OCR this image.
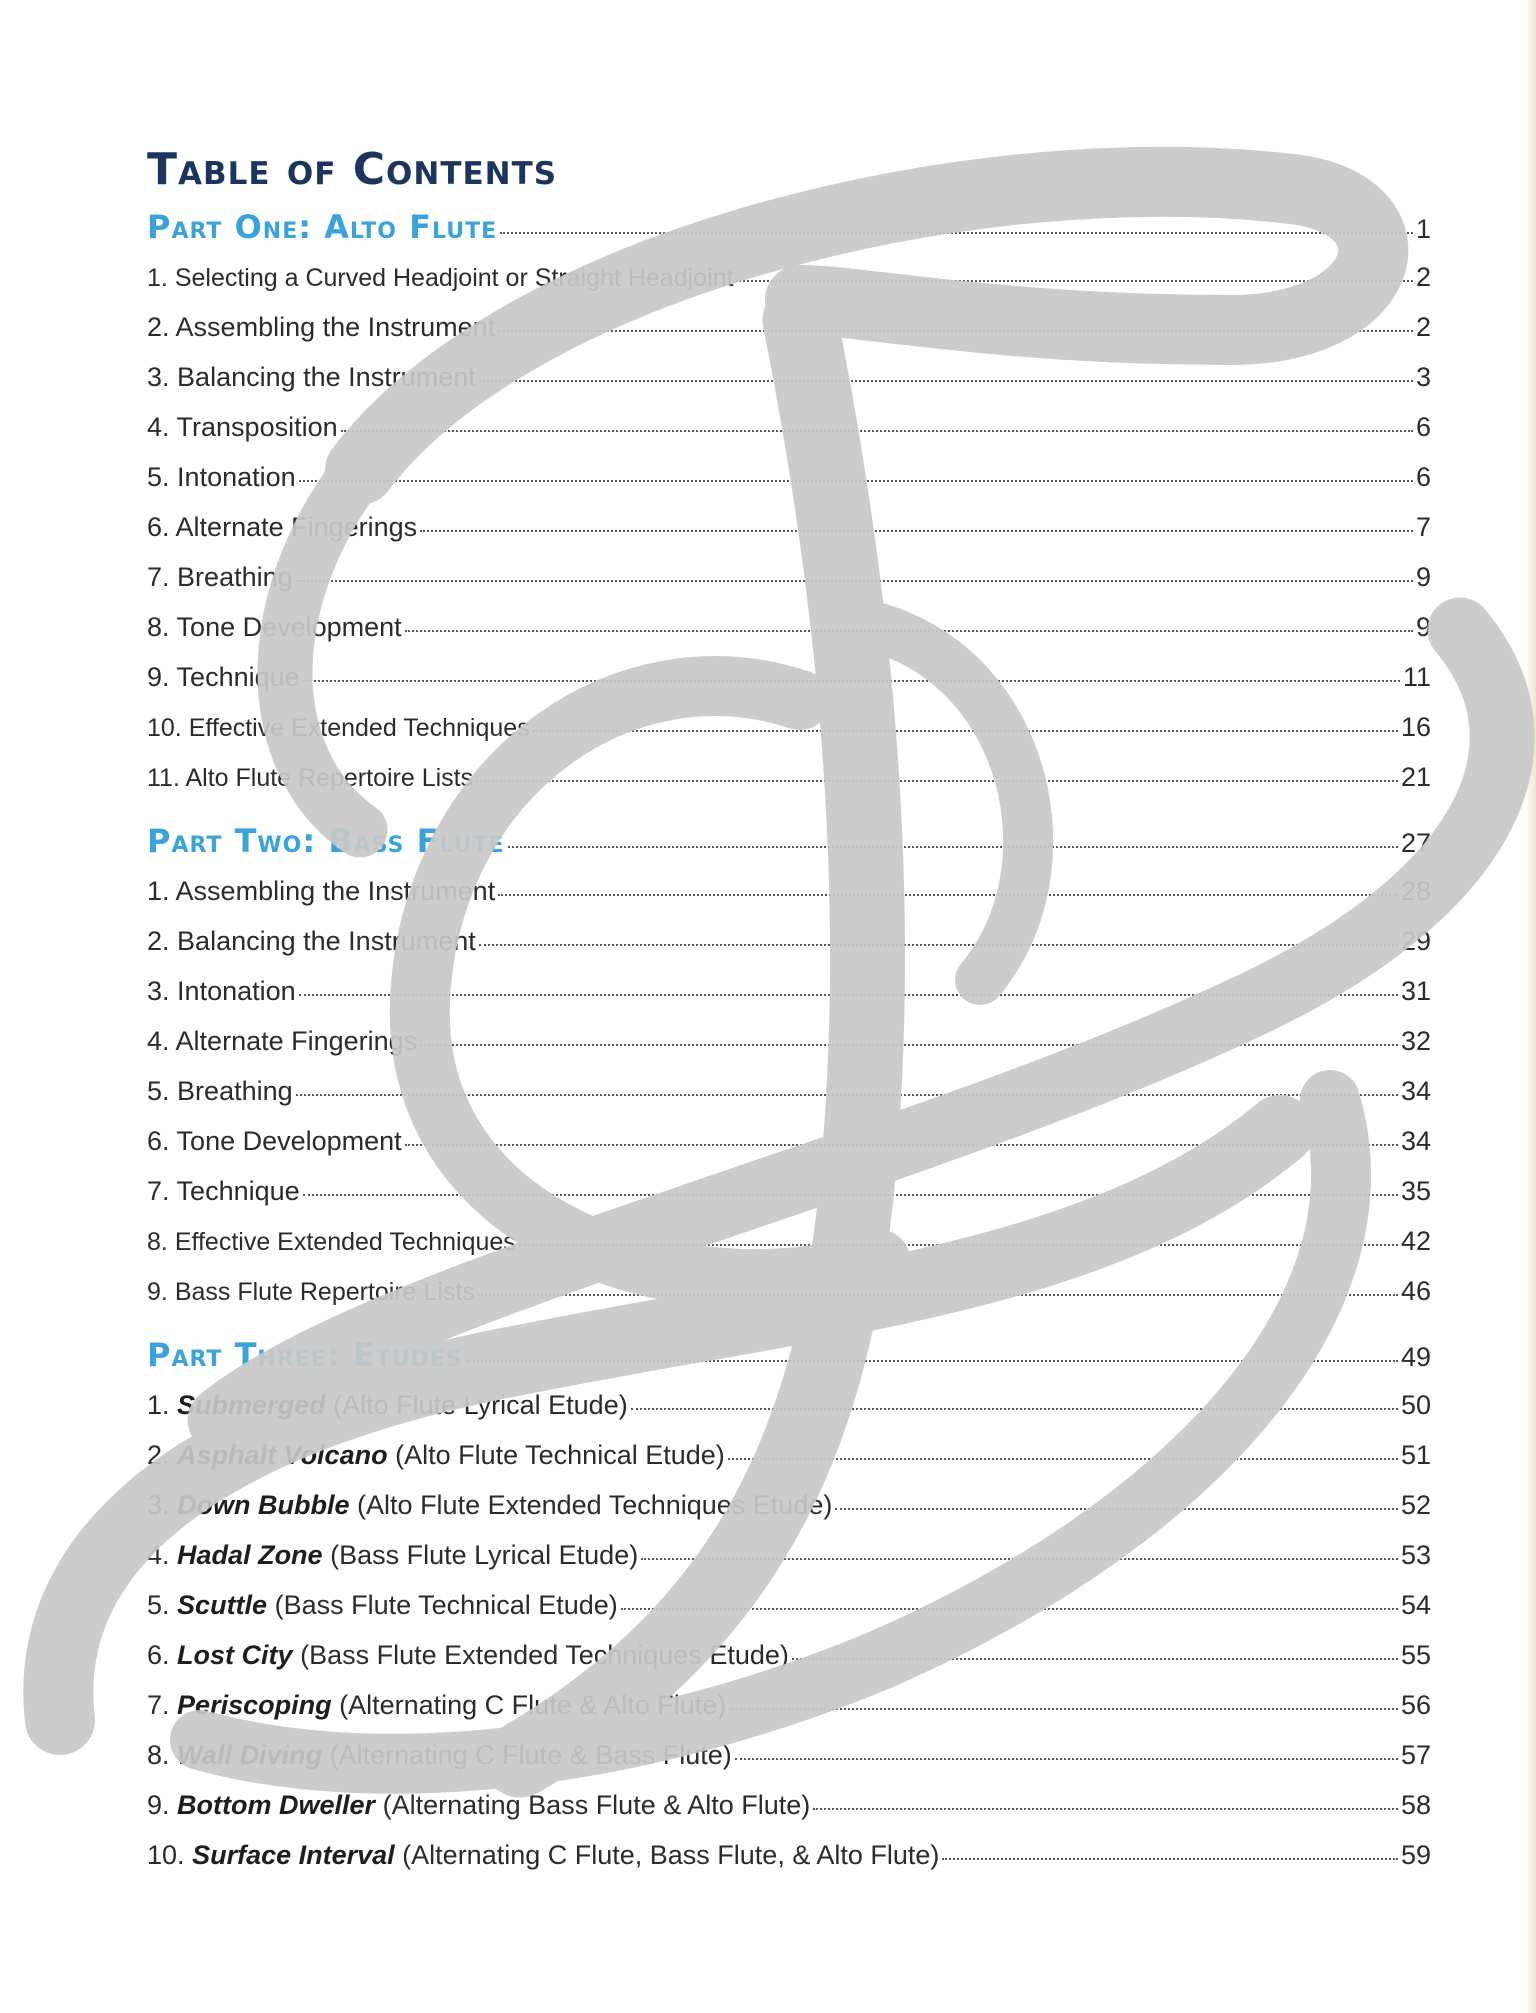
Table of Contents
Part One: Alto Flute	1
1. Selecting a Curved Headjoint or Straight Headjoint	2
2. Assembling the Instrument	2
3. Balancing the Instrument	3
4. Transposition	6
5. Intonation	6
6. Alternate Fingerings	7
7. Breathing	9
8. Tone Development	9
9. Technique	11
10. Effective Extended Techniques	16
11. Alto Flute Repertoire Lists	21
Part Two: Bass Flute	27
1. Assembling the Instrument	28
2. Balancing the Instrument	29
3. Intonation	31
4. Alternate Fingerings	32
5. Breathing	34
6. Tone Development	34
7. Technique	35
8. Effective Extended Techniques	42
9. Bass Flute Repertoire Lists	46
Part Three: Etudes	49
1. Submerged (Alto Flute Lyrical Etude)	50
2. Asphalt Volcano (Alto Flute Technical Etude)	51
3. Down Bubble (Alto Flute Extended Techniques Etude)	52
4. Hadal Zone (Bass Flute Lyrical Etude)	53
5. Scuttle (Bass Flute Technical Etude)	54
6. Lost City (Bass Flute Extended Techniques Etude)	55
7. Periscoping (Alternating C Flute & Alto Flute)	56
8. Wall Diving (Alternating C Flute & Bass Flute)	57
9. Bottom Dweller (Alternating Bass Flute & Alto Flute)	58
10. Surface Interval (Alternating C Flute, Bass Flute, & Alto Flute)	59
